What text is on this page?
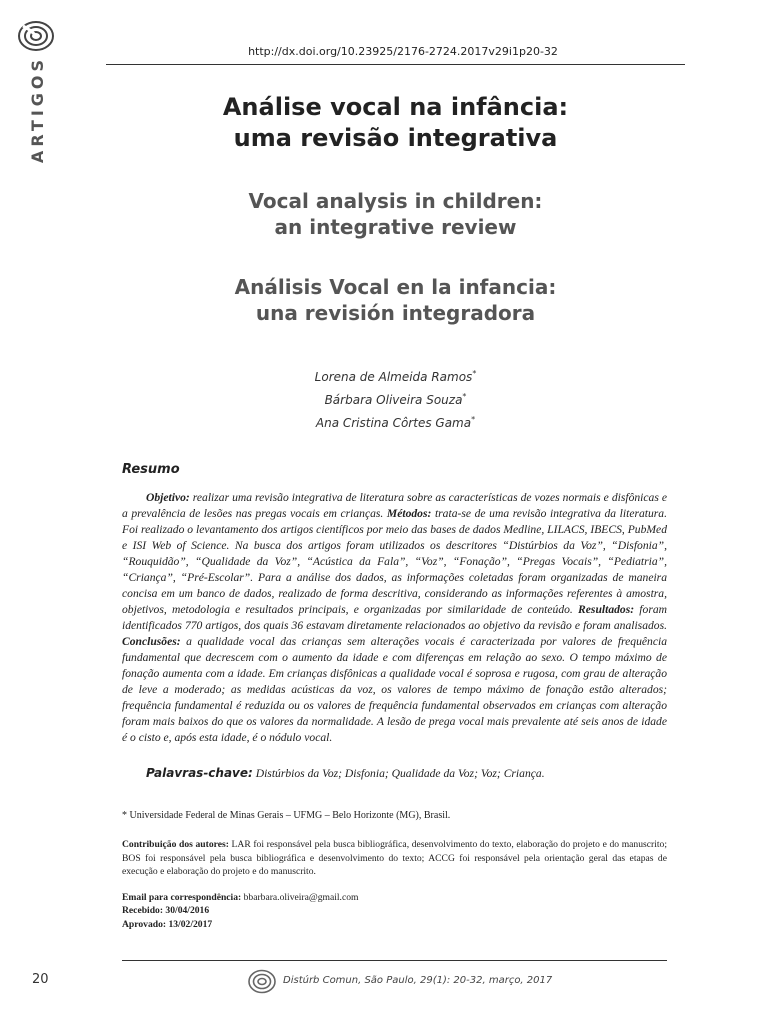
ARTIGOS
http://dx.doi.org/10.23925/2176-2724.2017v29i1p20-32
Análise vocal na infância:
uma revisão integrativa
Vocal analysis in children:
an integrative review
Análisis Vocal en la infancia:
una revisión integradora
Lorena de Almeida Ramos*
Bárbara Oliveira Souza*
Ana Cristina Côrtes Gama*
Resumo
Objetivo: realizar uma revisão integrativa de literatura sobre as características de vozes normais e disfônicas e a prevalência de lesões nas pregas vocais em crianças. Métodos: trata-se de uma revisão integrativa da literatura. Foi realizado o levantamento dos artigos científicos por meio das bases de dados Medline, LILACS, IBECS, PubMed e ISI Web of Science. Na busca dos artigos foram utilizados os descritores “Distúrbios da Voz”, “Disfonia”, “Rouquidão”, “Qualidade da Voz”, “Acústica da Fala”, “Voz”, “Fonação”, “Pregas Vocais”, “Pediatria”, “Criança”, “Pré-Escolar”. Para a análise dos dados, as informações coletadas foram organizadas de maneira concisa em um banco de dados, realizado de forma descritiva, considerando as informações referentes à amostra, objetivos, metodologia e resultados principais, e organizadas por similaridade de conteúdo. Resultados: foram identificados 770 artigos, dos quais 36 estavam diretamente relacionados ao objetivo da revisão e foram analisados. Conclusões: a qualidade vocal das crianças sem alterações vocais é caracterizada por valores de frequência fundamental que decrescem com o aumento da idade e com diferenças em relação ao sexo. O tempo máximo de fonação aumenta com a idade. Em crianças disfônicas a qualidade vocal é soprosa e rugosa, com grau de alteração de leve a moderado; as medidas acústicas da voz, os valores de tempo máximo de fonação estão alterados; frequência fundamental é reduzida ou os valores de frequência fundamental observados em crianças com alteração foram mais baixos do que os valores da normalidade. A lesão de prega vocal mais prevalente até seis anos de idade é o cisto e, após esta idade, é o nódulo vocal.
Palavras-chave: Distúrbios da Voz; Disfonia; Qualidade da Voz; Voz; Criança.
* Universidade Federal de Minas Gerais – UFMG – Belo Horizonte (MG), Brasil.
Contribuição dos autores: LAR foi responsável pela busca bibliográfica, desenvolvimento do texto, elaboração do projeto e do manuscrito; BOS foi responsável pela busca bibliográfica e desenvolvimento do texto; ACCG foi responsável pela orientação geral das etapas de execução e elaboração do projeto e do manuscrito.
Email para correspondência: bbarbara.oliveira@gmail.com
Recebido: 30/04/2016
Aprovado: 13/02/2017
20	Distúrb Comun, São Paulo, 29(1): 20-32, março, 2017
